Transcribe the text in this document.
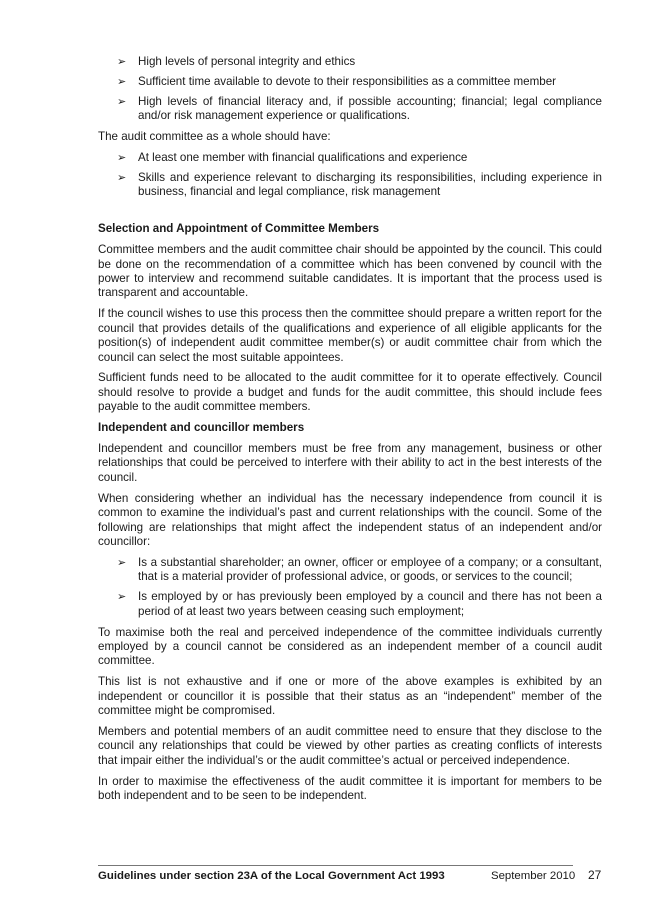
➢ High levels of personal integrity and ethics
➢ Sufficient time available to devote to their responsibilities as a committee member
➢ High levels of financial literacy and, if possible accounting; financial; legal compliance and/or risk management experience or qualifications.

The audit committee as a whole should have:

➢ At least one member with financial qualifications and experience
➢ Skills and experience relevant to discharging its responsibilities, including experience in business, financial and legal compliance, risk management
Selection and Appointment of Committee Members

Committee members and the audit committee chair should be appointed by the council. This could be done on the recommendation of a committee which has been convened by council with the power to interview and recommend suitable candidates. It is important that the process used is transparent and accountable.

If the council wishes to use this process then the committee should prepare a written report for the council that provides details of the qualifications and experience of all eligible applicants for the position(s) of independent audit committee member(s) or audit committee chair from which the council can select the most suitable appointees.

Sufficient funds need to be allocated to the audit committee for it to operate effectively. Council should resolve to provide a budget and funds for the audit committee, this should include fees payable to the audit committee members.

Independent and councillor members

Independent and councillor members must be free from any management, business or other relationships that could be perceived to interfere with their ability to act in the best interests of the council.

When considering whether an individual has the necessary independence from council it is common to examine the individual’s past and current relationships with the council. Some of the following are relationships that might affect the independent status of an independent and/or councillor:

➢ Is a substantial shareholder; an owner, officer or employee of a company; or a consultant, that is a material provider of professional advice, or goods, or services to the council;
➢ Is employed by or has previously been employed by a council and there has not been a period of at least two years between ceasing such employment;

To maximise both the real and perceived independence of the committee individuals currently employed by a council cannot be considered as an independent member of a council audit committee.

This list is not exhaustive and if one or more of the above examples is exhibited by an independent or councillor it is possible that their status as an “independent” member of the committee might be compromised.

Members and potential members of an audit committee need to ensure that they disclose to the council any relationships that could be viewed by other parties as creating conflicts of interests that impair either the individual’s or the audit committee’s actual or perceived independence.

In order to maximise the effectiveness of the audit committee it is important for members to be both independent and to be seen to be independent.

Guidelines under section 23A of the Local Government Act 1993	September 2010 27
